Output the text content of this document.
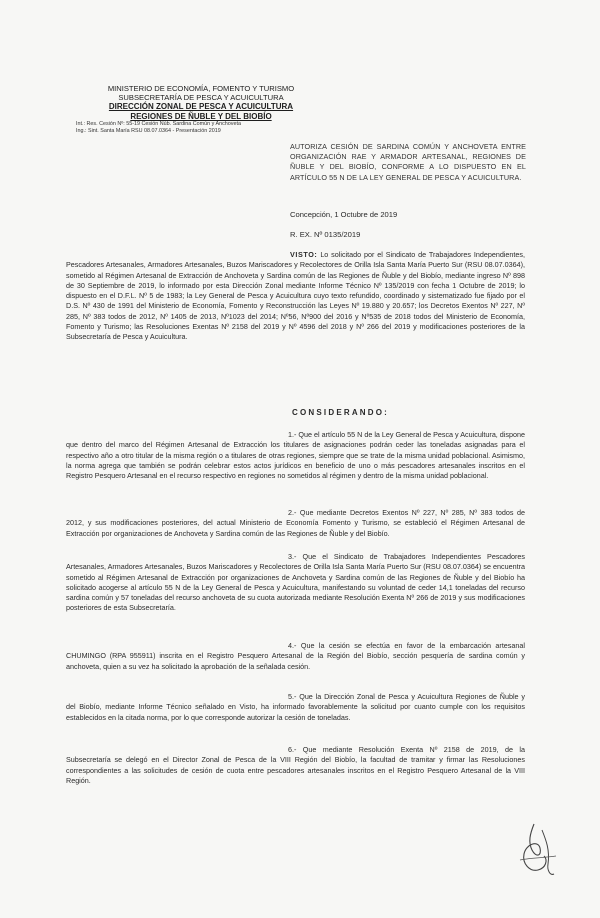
MINISTERIO DE ECONOMÍA, FOMENTO Y TURISMO
SUBSECRETARÍA DE PESCA Y ACUICULTURA
DIRECCIÓN ZONAL DE PESCA Y ACUICULTURA
REGIONES DE ÑUBLE Y DEL BIOBÍO
Int.: Res. Cesión Nº: 55-19 Cesión Núb. Sardina Común y Anchoveta
Ing.: Sint. Santa María RSU 08.07.0364 - Presentación 2019
AUTORIZA CESIÓN DE SARDINA COMÚN Y ANCHOVETA ENTRE ORGANIZACIÓN RAE Y ARMADOR ARTESANAL, REGIONES DE ÑUBLE Y DEL BIOBÍO, CONFORME A LO DISPUESTO EN EL ARTÍCULO 55 N DE LA LEY GENERAL DE PESCA Y ACUICULTURA.
Concepción, 1 Octubre de 2019
R. EX. Nº 0135/2019
VISTO: Lo solicitado por el Sindicato de Trabajadores Independientes, Pescadores Artesanales, Armadores Artesanales, Buzos Mariscadores y Recolectores de Orilla Isla Santa María Puerto Sur (RSU 08.07.0364), sometido al Régimen Artesanal de Extracción de Anchoveta y Sardina común de las Regiones de Ñuble y del Biobío, mediante ingreso Nº 898 de 30 Septiembre de 2019, lo informado por esta Dirección Zonal mediante Informe Técnico Nº 135/2019 con fecha 1 Octubre de 2019; lo dispuesto en el D.F.L. Nº 5 de 1983; la Ley General de Pesca y Acuicultura cuyo texto refundido, coordinado y sistematizado fue fijado por el D.S. Nº 430 de 1991 del Ministerio de Economía, Fomento y Reconstrucción las Leyes Nº 19.880 y 20.657; los Decretos Exentos Nº 227, Nº 285, Nº 383 todos de 2012, Nº 1405 de 2013, Nº1023 del 2014; Nº56, Nº900 del 2016 y Nº535 de 2018 todos del Ministerio de Economía, Fomento y Turismo; las Resoluciones Exentas Nº 2158 del 2019 y Nº 4596 del 2018 y Nº 266 del 2019 y modificaciones posteriores de la Subsecretaría de Pesca y Acuicultura.
CONSIDERANDO:
1.- Que el artículo 55 N de la Ley General de Pesca y Acuicultura, dispone que dentro del marco del Régimen Artesanal de Extracción los titulares de asignaciones podrán ceder las toneladas asignadas para el respectivo año a otro titular de la misma región o a titulares de otras regiones, siempre que se trate de la misma unidad poblacional. Asimismo, la norma agrega que también se podrán celebrar estos actos jurídicos en beneficio de uno o más pescadores artesanales inscritos en el Registro Pesquero Artesanal en el recurso respectivo en regiones no sometidos al régimen y dentro de la misma unidad poblacional.
2.- Que mediante Decretos Exentos Nº 227, Nº 285, Nº 383 todos de 2012, y sus modificaciones posteriores, del actual Ministerio de Economía Fomento y Turismo, se estableció el Régimen Artesanal de Extracción por organizaciones de Anchoveta y Sardina común de las Regiones de Ñuble y del Biobío.
3.- Que el Sindicato de Trabajadores Independientes Pescadores Artesanales, Armadores Artesanales, Buzos Mariscadores y Recolectores de Orilla Isla Santa María Puerto Sur (RSU 08.07.0364) se encuentra sometido al Régimen Artesanal de Extracción por organizaciones de Anchoveta y Sardina común de las Regiones de Ñuble y del Biobío ha solicitado acogerse al artículo 55 N de la Ley General de Pesca y Acuicultura, manifestando su voluntad de ceder 14,1 toneladas del recurso sardina común y 57 toneladas del recurso anchoveta de su cuota autorizada mediante Resolución Exenta Nº 266 de 2019 y sus modificaciones posteriores de esta Subsecretaría.
4.- Que la cesión se efectúa en favor de la embarcación artesanal CHUMINGO (RPA 955911) inscrita en el Registro Pesquero Artesanal de la Región del Biobío, sección pesquería de sardina común y anchoveta, quien a su vez ha solicitado la aprobación de la señalada cesión.
5.- Que la Dirección Zonal de Pesca y Acuicultura Regiones de Ñuble y del Biobío, mediante Informe Técnico señalado en Visto, ha informado favorablemente la solicitud por cuanto cumple con los requisitos establecidos en la citada norma, por lo que corresponde autorizar la cesión de toneladas.
6.- Que mediante Resolución Exenta Nº 2158 de 2019, de la Subsecretaría se delegó en el Director Zonal de Pesca de la VIII Región del Biobío, la facultad de tramitar y firmar las Resoluciones correspondientes a las solicitudes de cesión de cuota entre pescadores artesanales inscritos en el Registro Pesquero Artesanal de la VIII Región.
